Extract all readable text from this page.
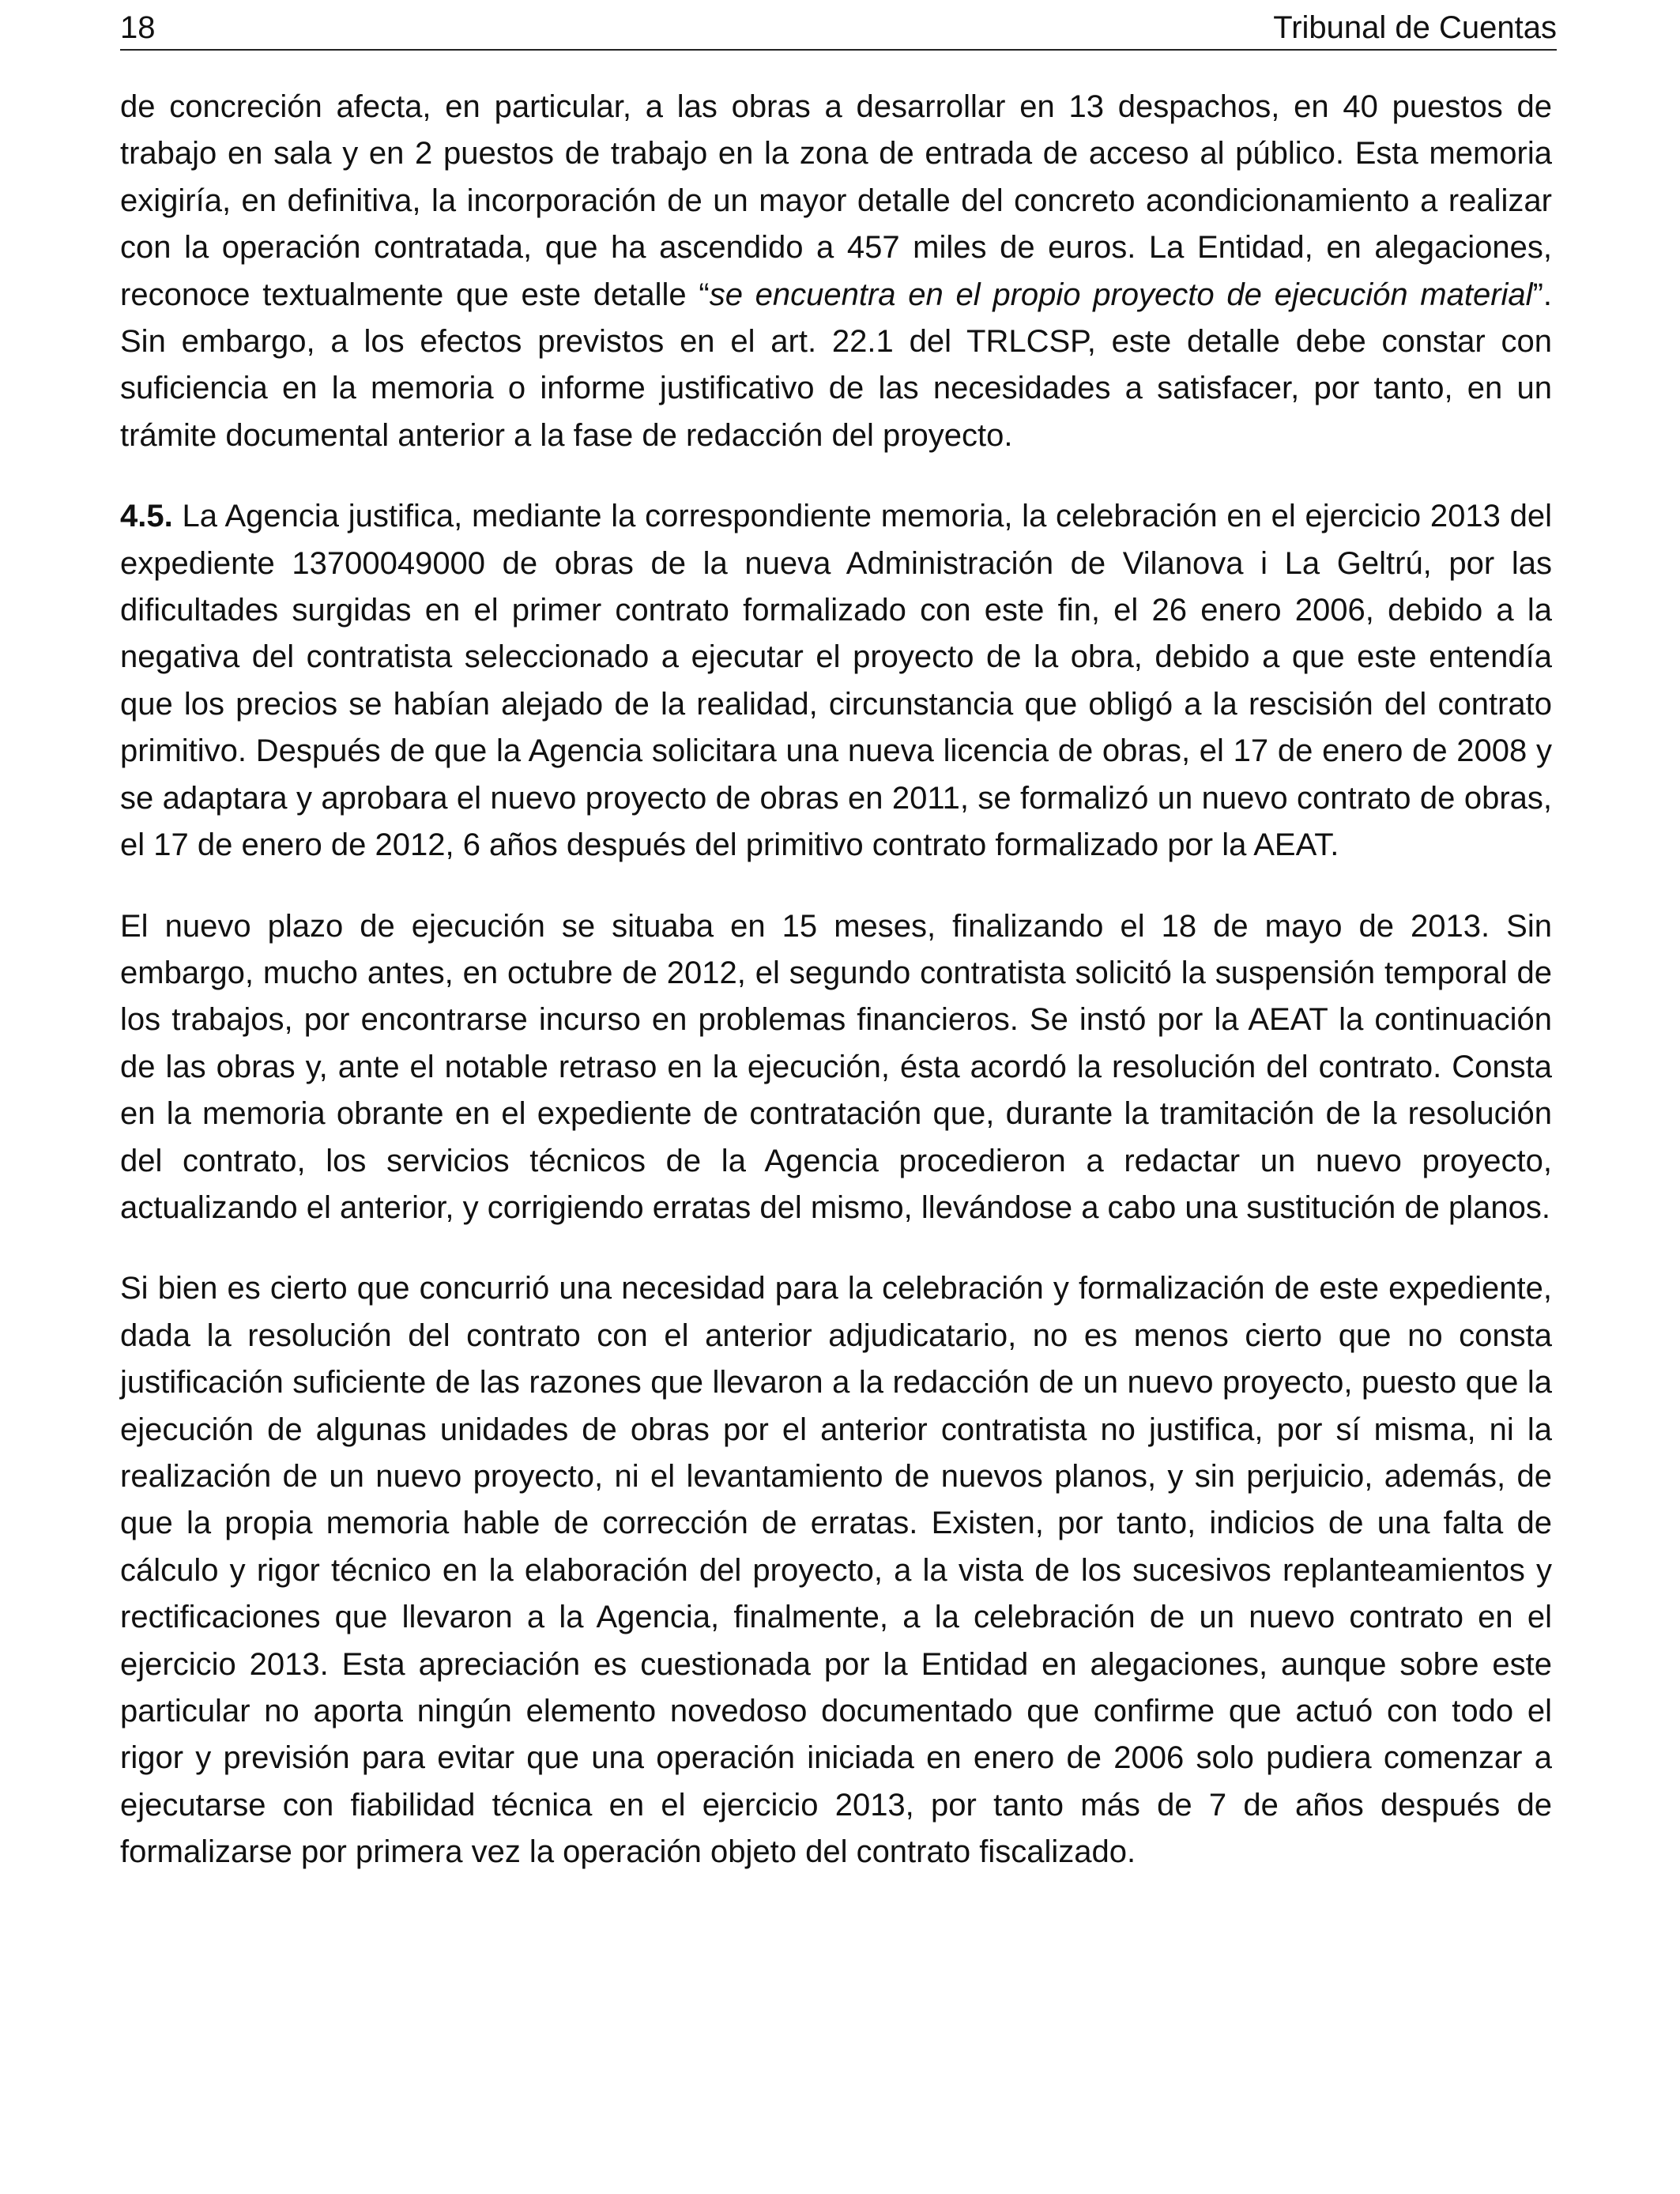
18	Tribunal de Cuentas

de concreción afecta, en particular, a las obras a desarrollar en 13 despachos, en 40 puestos de trabajo en sala y en 2 puestos de trabajo en la zona de entrada de acceso al público. Esta memoria exigiría, en definitiva, la incorporación de un mayor detalle del concreto acondicionamiento a realizar con la operación contratada, que ha ascendido a 457 miles de euros. La Entidad, en alegaciones, reconoce textualmente que este detalle “se encuentra en el propio proyecto de ejecución material”. Sin embargo, a los efectos previstos en el art. 22.1 del TRLCSP, este detalle debe constar con suficiencia en la memoria o informe justificativo de las necesidades a satisfacer, por tanto, en un trámite documental anterior a la fase de redacción del proyecto.

4.5. La Agencia justifica, mediante la correspondiente memoria, la celebración en el ejercicio 2013 del expediente 13700049000 de obras de la nueva Administración de Vilanova i La Geltrú, por las dificultades surgidas en el primer contrato formalizado con este fin, el 26 enero 2006, debido a la negativa del contratista seleccionado a ejecutar el proyecto de la obra, debido a que este entendía que los precios se habían alejado de la realidad, circunstancia que obligó a la rescisión del contrato primitivo. Después de que la Agencia solicitara una nueva licencia de obras, el 17 de enero de 2008 y se adaptara y aprobara el nuevo proyecto de obras en 2011, se formalizó un nuevo contrato de obras, el 17 de enero de 2012, 6 años después del primitivo contrato formalizado por la AEAT.

El nuevo plazo de ejecución se situaba en 15 meses, finalizando el 18 de mayo de 2013. Sin embargo, mucho antes, en octubre de 2012, el segundo contratista solicitó la suspensión temporal de los trabajos, por encontrarse incurso en problemas financieros. Se instó por la AEAT la continuación de las obras y, ante el notable retraso en la ejecución, ésta acordó la resolución del contrato. Consta en la memoria obrante en el expediente de contratación que, durante la tramitación de la resolución del contrato, los servicios técnicos de la Agencia procedieron a redactar un nuevo proyecto, actualizando el anterior, y corrigiendo erratas del mismo, llevándose a cabo una sustitución de planos.

Si bien es cierto que concurrió una necesidad para la celebración y formalización de este expediente, dada la resolución del contrato con el anterior adjudicatario, no es menos cierto que no consta justificación suficiente de las razones que llevaron a la redacción de un nuevo proyecto, puesto que la ejecución de algunas unidades de obras por el anterior contratista no justifica, por sí misma, ni la realización de un nuevo proyecto, ni el levantamiento de nuevos planos, y sin perjuicio, además, de que la propia memoria hable de corrección de erratas. Existen, por tanto, indicios de una falta de cálculo y rigor técnico en la elaboración del proyecto, a la vista de los sucesivos replanteamientos y rectificaciones que llevaron a la Agencia, finalmente, a la celebración de un nuevo contrato en el ejercicio 2013. Esta apreciación es cuestionada por la Entidad en alegaciones, aunque sobre este particular no aporta ningún elemento novedoso documentado que confirme que actuó con todo el rigor y previsión para evitar que una operación iniciada en enero de 2006 solo pudiera comenzar a ejecutarse con fiabilidad técnica en el ejercicio 2013, por tanto más de 7 de años después de formalizarse por primera vez la operación objeto del contrato fiscalizado.
